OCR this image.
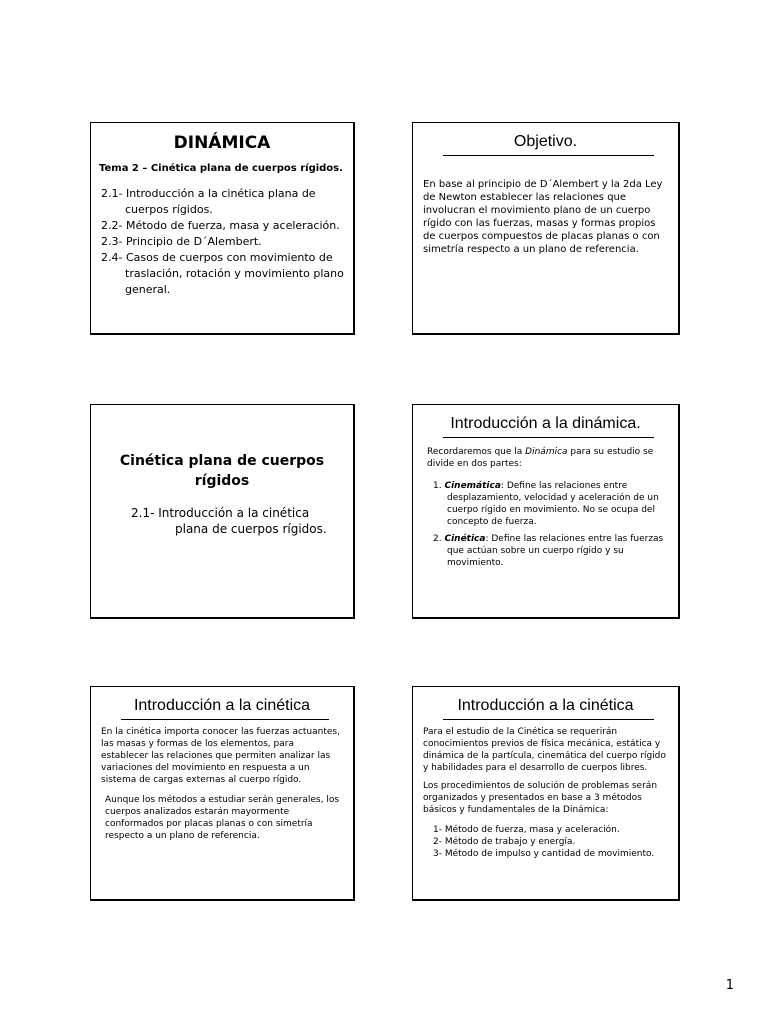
DINÁMICA
Tema 2 – Cinética plana de cuerpos rígidos.
2.1- Introducción a la cinética plana de cuerpos rígidos.
2.2- Método de fuerza, masa y aceleración.
2.3- Principio de D´Alembert.
2.4- Casos de cuerpos con movimiento de traslación, rotación y movimiento plano general.
Objetivo.
En base al principio de D´Alembert y la 2da Ley de Newton establecer las relaciones que involucran el movimiento plano de un cuerpo rígido con las fuerzas, masas y formas propios de cuerpos compuestos de placas planas o con simetría respecto a un plano de referencia.
Cinética plana de cuerpos rígidos
2.1- Introducción a la cinética
plana de cuerpos rígidos.
Introducción a la dinámica.
Recordaremos que la Dinámica para su estudio se divide en dos partes:
1. Cinemática: Define las relaciones entre desplazamiento, velocidad y aceleración de un cuerpo rígido en movimiento. No se ocupa del concepto de fuerza.
2. Cinética: Define las relaciones entre las fuerzas que actúan sobre un cuerpo rígido y su movimiento.
Introducción a la cinética
En la cinética importa conocer las fuerzas actuantes, las masas y formas de los elementos, para establecer las relaciones que permiten analizar las variaciones del movimiento en respuesta a un sistema de cargas externas al cuerpo rígido.
Aunque los métodos a estudiar serán generales, los cuerpos analizados estarán mayormente conformados por placas planas o con simetría respecto a un plano de referencia.
Introducción a la cinética
Para el estudio de la Cinética se requerirán conocimientos previos de física mecánica, estática y dinámica de la partícula, cinemática del cuerpo rígido y habilidades para el desarrollo de cuerpos libres.
Los procedimientos de solución de problemas serán organizados y presentados en base a 3 métodos básicos y fundamentales de la Dinámica:
1- Método de fuerza, masa y aceleración.
2- Método de trabajo y energía.
3- Método de impulso y cantidad de movimiento.
1
